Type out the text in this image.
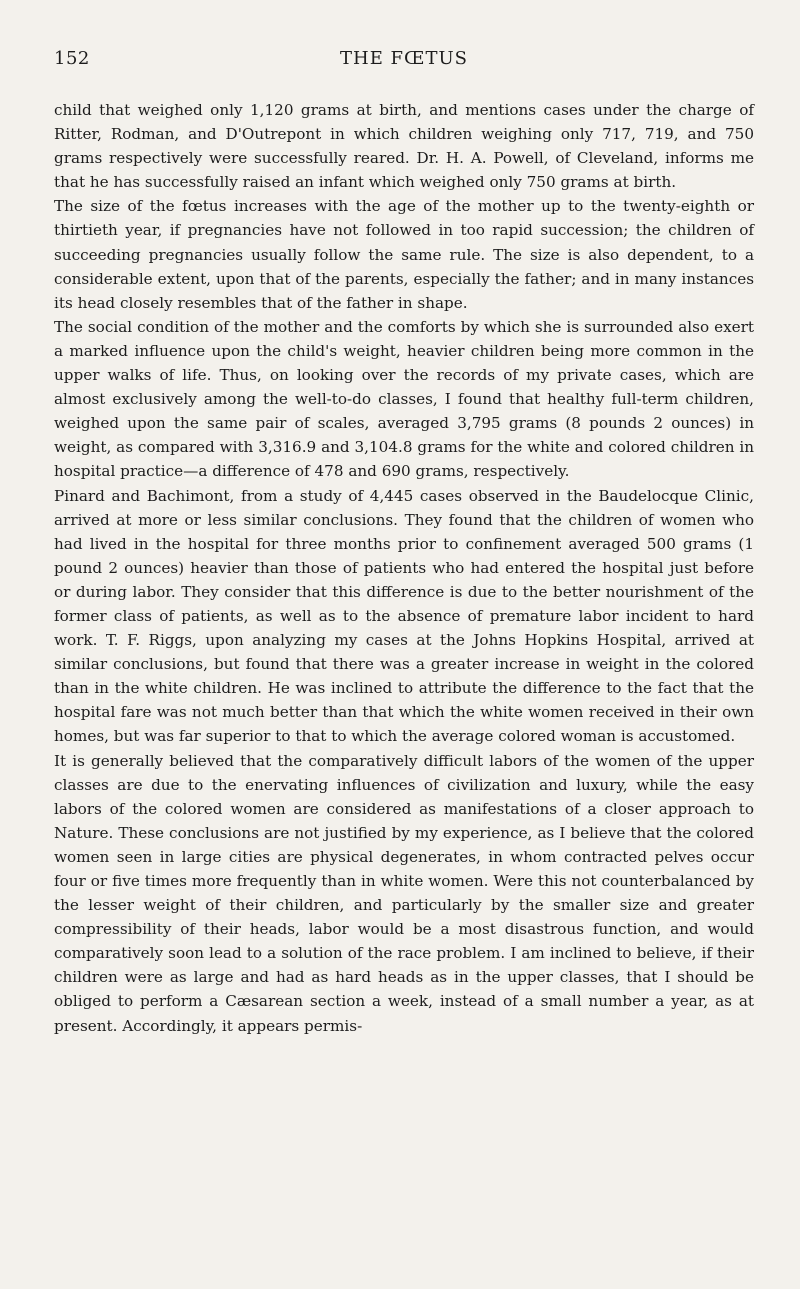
152	THE FŒTUS

child that weighed only 1,120 grams at birth, and mentions cases under the charge of Ritter, Rodman, and D'Outrepont in which children weighing only 717, 719, and 750 grams respectively were successfully reared. Dr. H. A. Powell, of Cleveland, informs me that he has successfully raised an infant which weighed only 750 grams at birth.

The size of the fœtus increases with the age of the mother up to the twenty-eighth or thirtieth year, if pregnancies have not followed in too rapid succession; the children of succeeding pregnancies usually follow the same rule. The size is also dependent, to a considerable extent, upon that of the parents, especially the father; and in many instances its head closely resembles that of the father in shape.

The social condition of the mother and the comforts by which she is surrounded also exert a marked influence upon the child's weight, heavier children being more common in the upper walks of life. Thus, on looking over the records of my private cases, which are almost exclusively among the well-to-do classes, I found that healthy full-term children, weighed upon the same pair of scales, averaged 3,795 grams (8 pounds 2 ounces) in weight, as compared with 3,316.9 and 3,104.8 grams for the white and colored children in hospital practice—a difference of 478 and 690 grams, respectively.

Pinard and Bachimont, from a study of 4,445 cases observed in the Baudelocque Clinic, arrived at more or less similar conclusions. They found that the children of women who had lived in the hospital for three months prior to confinement averaged 500 grams (1 pound 2 ounces) heavier than those of patients who had entered the hospital just before or during labor. They consider that this difference is due to the better nourishment of the former class of patients, as well as to the absence of premature labor incident to hard work. T. F. Riggs, upon analyzing my cases at the Johns Hopkins Hospital, arrived at similar conclusions, but found that there was a greater increase in weight in the colored than in the white children. He was inclined to attribute the difference to the fact that the hospital fare was not much better than that which the white women received in their own homes, but was far superior to that to which the average colored woman is accustomed.

It is generally believed that the comparatively difficult labors of the women of the upper classes are due to the enervating influences of civilization and luxury, while the easy labors of the colored women are considered as manifestations of a closer approach to Nature. These conclusions are not justified by my experience, as I believe that the colored women seen in large cities are physical degenerates, in whom contracted pelves occur four or five times more frequently than in white women. Were this not counterbalanced by the lesser weight of their children, and particularly by the smaller size and greater compressibility of their heads, labor would be a most disastrous function, and would comparatively soon lead to a solution of the race problem. I am inclined to believe, if their children were as large and had as hard heads as in the upper classes, that I should be obliged to perform a Cæsarean section a week, instead of a small number a year, as at present. Accordingly, it appears permis-
